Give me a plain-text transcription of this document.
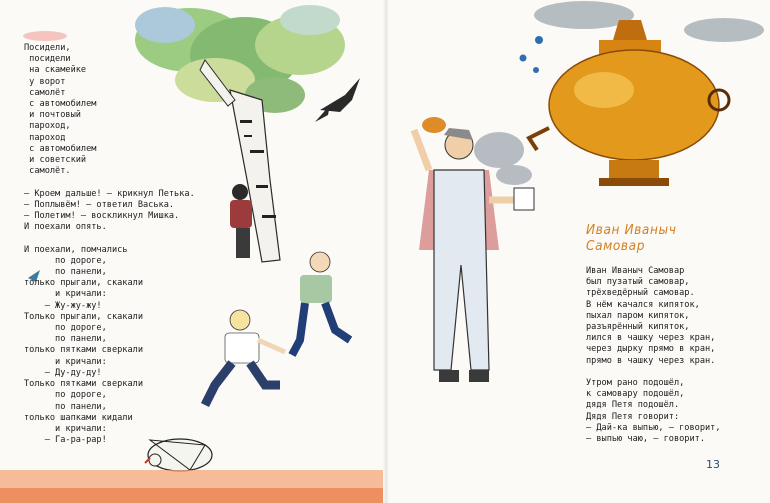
Посидели,
посидели
на скамейке
у ворот
самолёт
с автомобилем
и почтовый
пароход,
пароход
с автомобилем
и советский
самолёт.

– Кроем дальше! – крикнул Петька.
– Поплывём! – ответил Васька.
– Полетим! – воскликнул Мишка.
И поехали опять.

И поехали, помчались
по дороге,
по панели,
только прыгали, скакали
и кричали:
– Жу-жу-жу!
Только прыгали, скакали
по дороге,
по панели,
только пятками сверкали
и кричали:
– Ду-ду-ду!
Только пятками сверкали
по дороге,
по панели,
только шапками кидали
и кричали:
– Га-ра-рар!
Иван Иваныч
Самовар
Иван Иваныч Самовар
был пузатый самовар,
трёхведёрный самовар.
В нём качался кипяток,
пыхал паром кипяток,
разъярённый кипяток,
лился в чашку через кран,
через дырку прямо в кран,
прямо в чашку через кран.

Утром рано подошёл,
к самовару подошёл,
дядя Петя подошёл.
Дядя Петя говорит:
– Дай-ка выпью, – говорит,
– выпью чаю, – говорит.
13
